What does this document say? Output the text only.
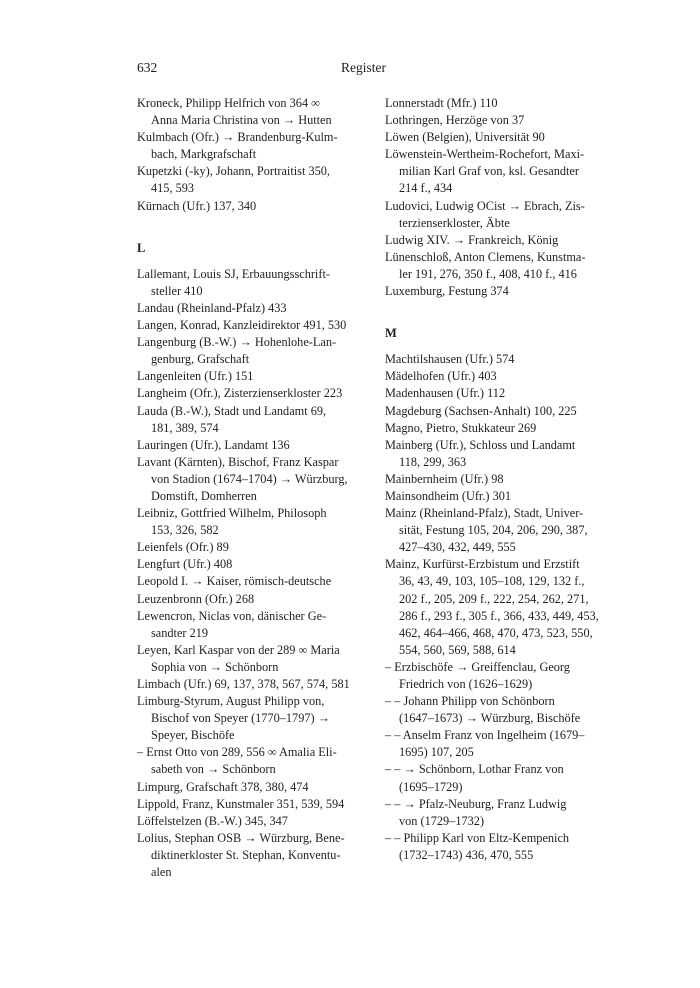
632	Register

Kroneck, Philipp Helfrich von 364 ∞
Anna Maria Christina von → Hutten

Kulmbach (Ofr.) → Brandenburg-Kulm-
bach, Markgrafschaft

Kupetzki (-ky), Johann, Portraitist 350,
415, 593

Kürnach (Ufr.) 137, 340

L

Lallemant, Louis SJ, Erbauungsschrift-
steller 410

Landau (Rheinland-Pfalz) 433

Langen, Konrad, Kanzleidirektor 491, 530

Langenburg (B.-W.) → Hohenlohe-Lan-
genburg, Grafschaft

Langenleiten (Ufr.) 151

Langheim (Ofr.), Zisterzienserkloster 223

Lauda (B.-W.), Stadt und Landamt 69,
181, 389, 574

Lauringen (Ufr.), Landamt 136

Lavant (Kärnten), Bischof, Franz Kaspar
von Stadion (1674–1704) → Würzburg,
Domstift, Domherren

Leibniz, Gottfried Wilhelm, Philosoph
153, 326, 582

Leienfels (Ofr.) 89

Lengfurt (Ufr.) 408

Leopold I. → Kaiser, römisch-deutsche

Leuzenbronn (Ofr.) 268

Lewencron, Niclas von, dänischer Ge-
sandter 219

Leyen, Karl Kaspar von der 289 ∞ Maria
Sophia von → Schönborn

Limbach (Ufr.) 69, 137, 378, 567, 574, 581

Limburg-Styrum, August Philipp von,
Bischof von Speyer (1770–1797) →
Speyer, Bischöfe

– Ernst Otto von 289, 556 ∞ Amalia Eli-
sabeth von → Schönborn

Limpurg, Grafschaft 378, 380, 474

Lippold, Franz, Kunstmaler 351, 539, 594

Löffelstelzen (B.-W.) 345, 347

Lolius, Stephan OSB → Würzburg, Bene-
diktinerkloster St. Stephan, Konventu-
alen

Lonnerstadt (Mfr.) 110

Lothringen, Herzöge von 37

Löwen (Belgien), Universität 90

Löwenstein-Wertheim-Rochefort, Maxi-
milian Karl Graf von, ksl. Gesandter
214 f., 434

Ludovici, Ludwig OCist → Ebrach, Zis-
terzienserkloster, Äbte

Ludwig XIV. → Frankreich, König

Lünenschloß, Anton Clemens, Kunstma-
ler 191, 276, 350 f., 408, 410 f., 416

Luxemburg, Festung 374

M

Machtilshausen (Ufr.) 574

Mädelhofen (Ufr.) 403

Madenhausen (Ufr.) 112

Magdeburg (Sachsen-Anhalt) 100, 225

Magno, Pietro, Stukkateur 269

Mainberg (Ufr.), Schloss und Landamt
118, 299, 363

Mainbernheim (Ufr.) 98

Mainsondheim (Ufr.) 301

Mainz (Rheinland-Pfalz), Stadt, Univer-
sität, Festung 105, 204, 206, 290, 387,
427–430, 432, 449, 555

Mainz, Kurfürst-Erzbistum und Erzstift
36, 43, 49, 103, 105–108, 129, 132 f.,
202 f., 205, 209 f., 222, 254, 262, 271,
286 f., 293 f., 305 f., 366, 433, 449, 453,
462, 464–466, 468, 470, 473, 523, 550,
554, 560, 569, 588, 614

– Erzbischöfe → Greiffenclau, Georg
Friedrich von (1626–1629)

– – Johann Philipp von Schönborn
(1647–1673) → Würzburg, Bischöfe

– – Anselm Franz von Ingelheim (1679–
1695) 107, 205

– – → Schönborn, Lothar Franz von
(1695–1729)

– – → Pfalz-Neuburg, Franz Ludwig
von (1729–1732)

– – Philipp Karl von Eltz-Kempenich
(1732–1743) 436, 470, 555
